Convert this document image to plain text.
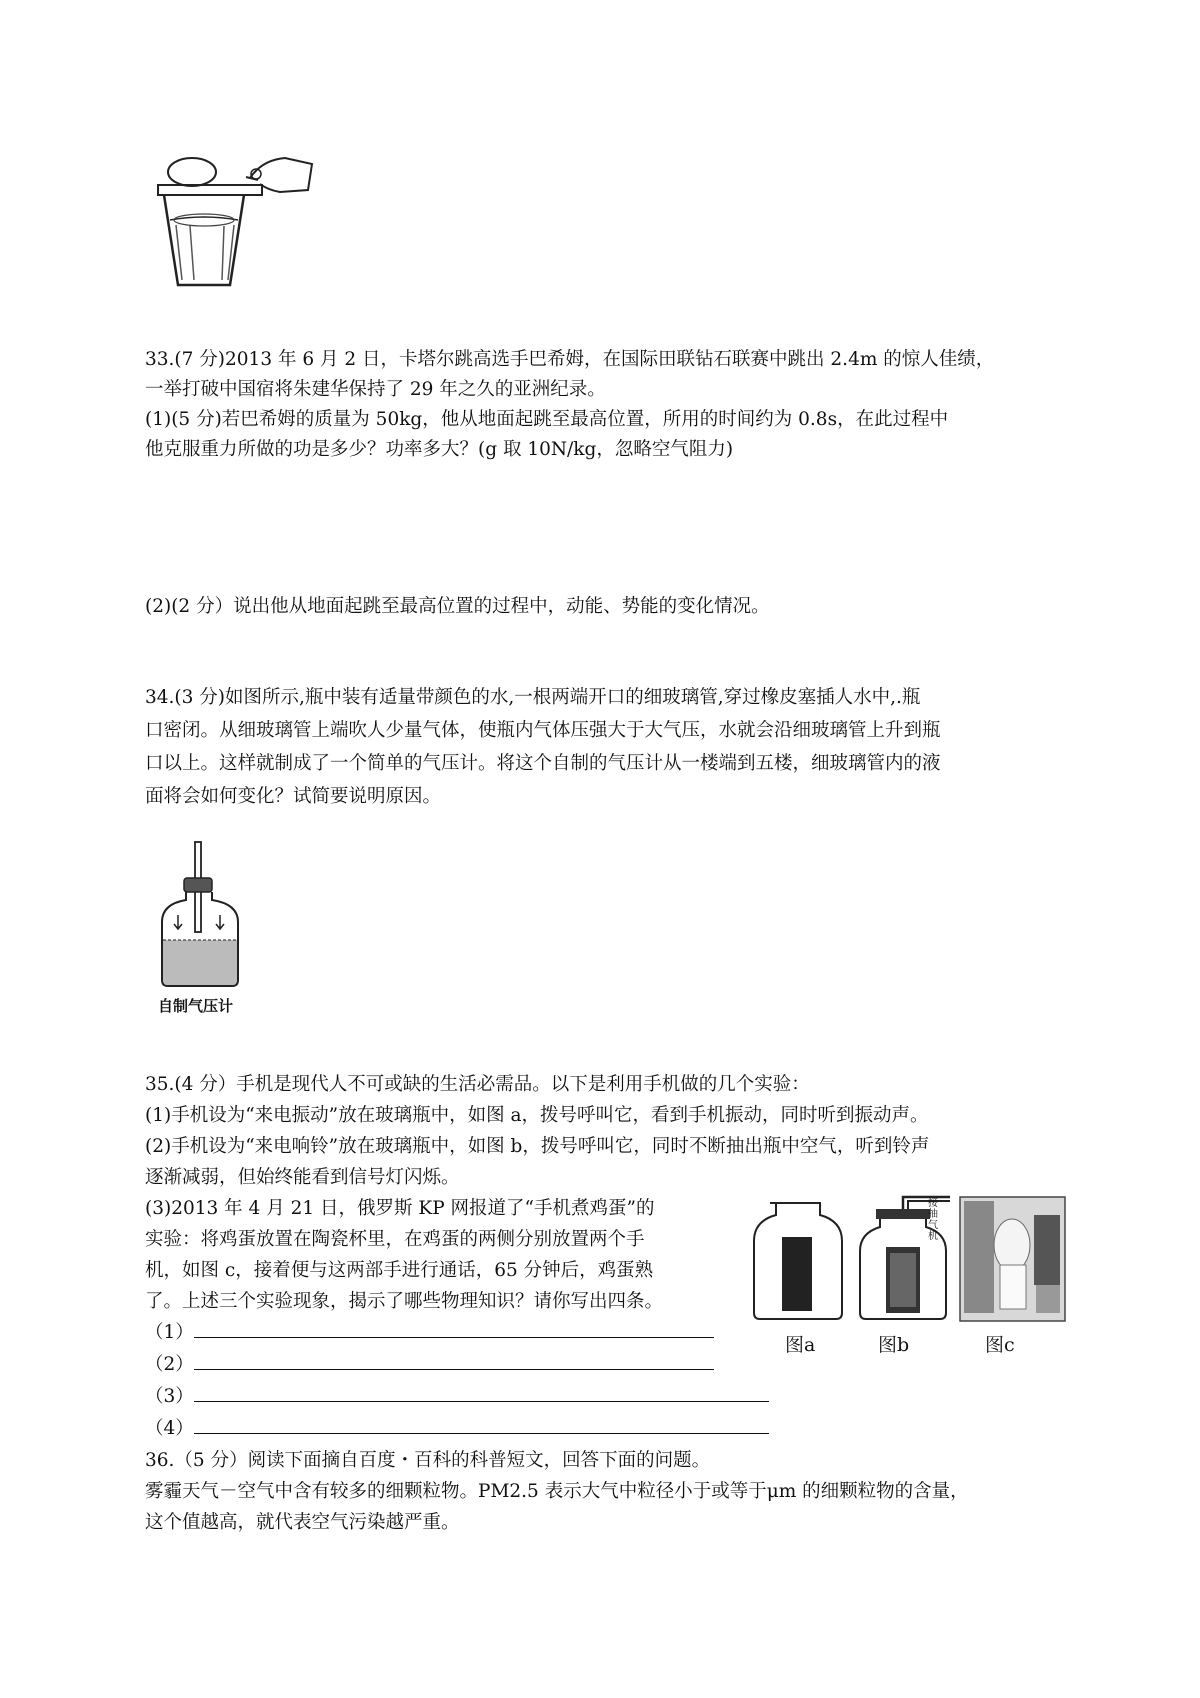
33.(7 分)2013 年 6 月 2 日，卡塔尔跳高选手巴希姆，在国际田联钻石联赛中跳出 2.4m 的惊人佳绩，
一举打破中国宿将朱建华保持了 29 年之久的亚洲纪录。
(1)(5 分)若巴希姆的质量为 50kg，他从地面起跳至最高位置，所用的时间约为 0.8s，在此过程中
他克服重力所做的功是多少？功率多大？(g 取 10N/kg，忽略空气阻力)
(2)(2 分）说出他从地面起跳至最高位置的过程中，动能、势能的变化情况。
34.(3 分)如图所示,瓶中装有适量带颜色的水,一根两端开口的细玻璃管,穿过橡皮塞插人水中,.瓶
口密闭。从细玻璃管上端吹人少量气体，使瓶内气体压强大于大气压，水就会沿细玻璃管上升到瓶
口以上。这样就制成了一个简单的气压计。将这个自制的气压计从一楼端到五楼，细玻璃管内的液
面将会如何变化？试简要说明原因。
自制气压计
35.(4 分）手机是现代人不可或缺的生活必需品。以下是利用手机做的几个实验：
(1)手机设为“来电振动”放在玻璃瓶中，如图 a，拨号呼叫它，看到手机振动，同时听到振动声。
(2)手机设为“来电响铃”放在玻璃瓶中，如图 b，拨号呼叫它，同时不断抽出瓶中空气，听到铃声
逐渐减弱，但始终能看到信号灯闪烁。
(3)2013 年 4 月 21 日，俄罗斯 KP 网报道了“手机煮鸡蛋”的
实验：将鸡蛋放置在陶瓷杯里，在鸡蛋的两侧分别放置两个手
机，如图 c，接着便与这两部手进行通话，65 分钟后，鸡蛋熟
了。上述三个实验现象，揭示了哪些物理知识？请你写出四条。
（1）
（2）
（3）
（4）
接抽气机
图a	图b	图c
36.（5 分）阅读下面摘自百度・百科的科普短文，回答下面的问题。
雾霾天气－空气中含有较多的细颗粒物。PM2.5 表示大气中粒径小于或等于μm 的细颗粒物的含量，
这个值越高，就代表空气污染越严重。
